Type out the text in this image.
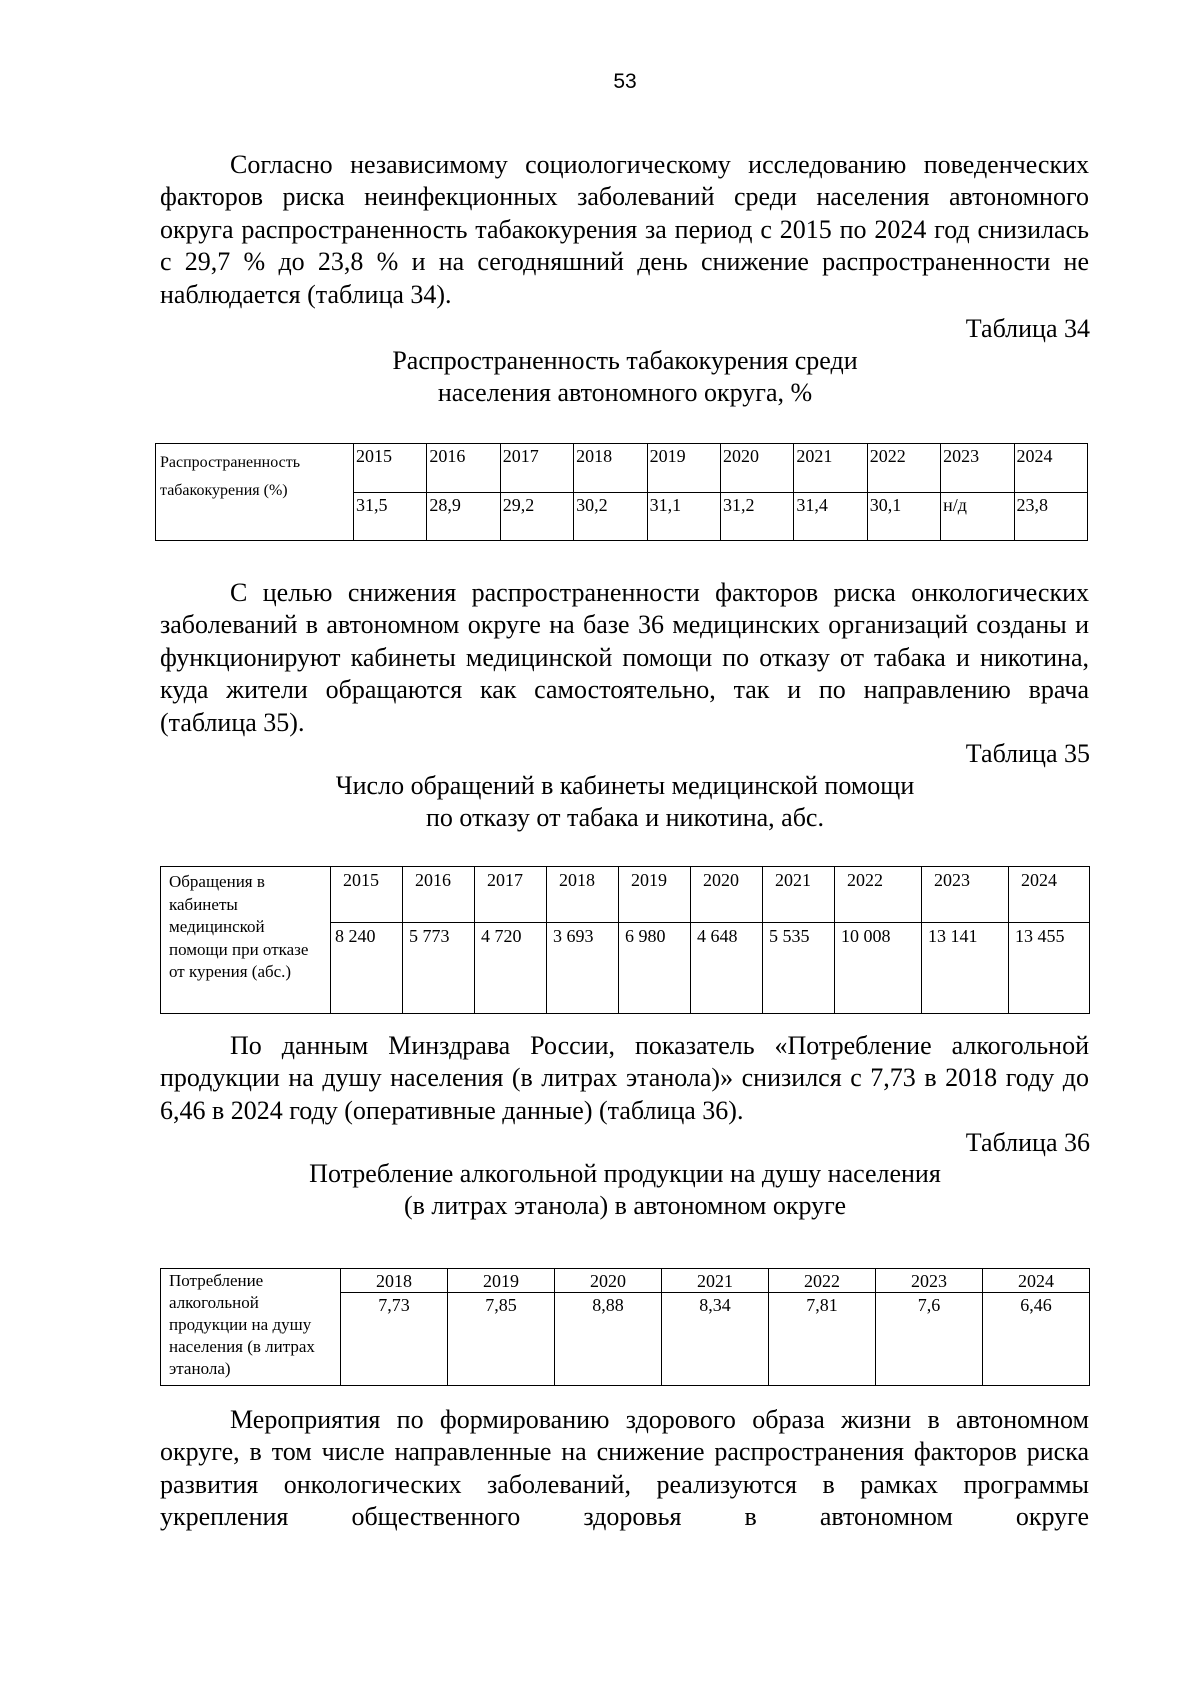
53

Согласно независимому социологическому исследованию поведенческих факторов риска неинфекционных заболеваний среди населения автономного округа распространенность табакокурения за период с 2015 по 2024 год снизилась с 29,7 % до 23,8 % и на сегодняшний день снижение распространенности не наблюдается (таблица 34).

Таблица 34

Распространенность табакокурения среди
населения автономного округа, %

Распространенность табакокурения (%)	2015	2016	2017	2018	2019	2020	2021	2022	2023	2024
	31,5	28,9	29,2	30,2	31,1	31,2	31,4	30,1	н/д	23,8

С целью снижения распространенности факторов риска онкологических заболеваний в автономном округе на базе 36 медицинских организаций созданы и функционируют кабинеты медицинской помощи по отказу от табака и никотина, куда жители обращаются как самостоятельно, так и по направлению врача (таблица 35).

Таблица 35

Число обращений в кабинеты медицинской помощи
по отказу от табака и никотина, абс.

Обращения в кабинеты медицинской помощи при отказе от курения (абс.)	2015	2016	2017	2018	2019	2020	2021	2022	2023	2024
	8 240	5 773	4 720	3 693	6 980	4 648	5 535	10 008	13 141	13 455

По данным Минздрава России, показатель «Потребление алкогольной продукции на душу населения (в литрах этанола)» снизился с 7,73 в 2018 году до 6,46 в 2024 году (оперативные данные) (таблица 36).

Таблица 36

Потребление алкогольной продукции на душу населения
(в литрах этанола) в автономном округе

Потребление алкогольной продукции на душу населения (в литрах этанола)	2018	2019	2020	2021	2022	2023	2024
	7,73	7,85	8,88	8,34	7,81	7,6	6,46

Мероприятия по формированию здорового образа жизни в автономном округе, в том числе направленные на снижение распространения факторов риска развития онкологических заболеваний, реализуются в рамках программы укрепления общественного здоровья в автономном округе
